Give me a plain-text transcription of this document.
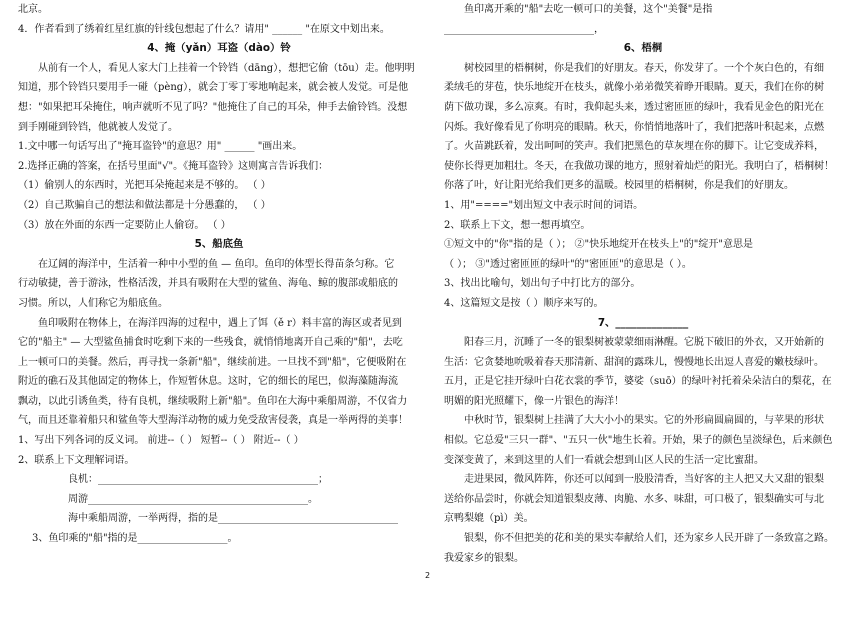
北京。

4．作者看到了绣着红星红旗的针线包想起了什么？请用" ______ "在原文中划出来。

4、掩（yǎn）耳盗（dào）铃

从前有一个人，看见人家大门上挂着一个铃铛（dāng），想把它偷（tōu）走。他明明

知道，那个铃铛只要用手一碰（pèng），就会丁零丁零地响起来，就会被人发觉。可是他

想："如果把耳朵掩住，响声就听不见了吗？"他掩住了自己的耳朵，伸手去偷铃铛。没想

到手刚碰到铃铛，他就被人发觉了。

1.文中哪一句话写出了"掩耳盗铃"的意思？用" ______ "画出来。

2.选择正确的答案，在括号里面"√"。《掩耳盗铃》这则寓言告诉我们：

（1）偷别人的东西时，光把耳朵掩起来是不够的。 （ ）

（2）自己欺骗自己的想法和做法都是十分愚蠢的， （ ）

（3）放在外面的东西一定要防止人偷窃。 （ ）

5、船底鱼

在辽阔的海洋中，生活着一种中小型的鱼 — 鱼印。鱼印的体型长得苗条匀称。它

行动敏捷，善于游泳，性格活泼，并具有吸附在大型的鲨鱼、海龟、鲸的腹部或船底的

习惯。所以，人们称它为船底鱼。

鱼印吸附在物体上，在海洋四海的过程中，遇上了饵（ě r）料丰富的海区或者见到

它的"船主" — 大型鲨鱼捕食时吃剩下来的一些残食，就悄悄地离开自己乘的"船"，去吃

上一顿可口的美餐。然后，再寻找一条新"船"，继续前进。一旦找不到"船"，它便吸附在

附近的礁石及其他固定的物体上，作短暂休息。这时，它的细长的尾巴，似海藻随海流

飘动，以此引诱鱼类，待有良机，继续吸附上新"船"。鱼印在大海中乘船周游，不仅省力

气，而且还靠着船只和鲨鱼等大型海洋动物的威力免受敌害侵袭，真是一举两得的美事！

1、写出下列各词的反义词。 前进--（ ） 短暂--（ ） 附近--（ ）

2、联系上下文理解词语。

良机：____________________________________________；

周游____________________________________________。

海中乘船周游，一举两得，指的是____________________________________

3、鱼印乘的"船"指的是__________________。

鱼印离开乘的"船"去吃一顿可口的美餐，这个"美餐"是指______________________________，

6、梧桐

树校园里的梧桐树，你是我们的好朋友。春天，你发芽了。一个个灰白色的，有细

柔绒毛的芽苞，快乐地绽开在枝头，就像小弟弟微笑着睁开眼睛。夏天，我们在你的树

荫下做功课，多么凉爽。有时，我仰起头来，透过密匝匝的绿叶，我看见金色的阳光在

闪烁。我好像看见了你明亮的眼睛。秋天，你悄悄地落叶了，我们把落叶积起来，点燃

了。火苗跳跃着，发出呵呵的笑声。我们把黑色的草灰埋在你的脚下。让它变成养料，

使你长得更加粗壮。冬天，在我做功课的地方，照射着灿烂的阳光。我明白了，梧桐树！

你落了叶，好让阳光给我们更多的温暖。校园里的梧桐树，你是我们的好朋友。

1、用"===="划出短文中表示时间的词语。

2、联系上下文，想一想再填空。

①短文中的"你"指的是（ ）； ②"快乐地绽开在枝头上"的"绽开"意思是

（ ）； ③"透过密匝匝的绿叶"的"密匝匝"的意思是（ ）。

3、找出比喻句，划出句子中打比方的部分。

4、这篇短文是按（ ）顺序来写的。

7、______________

阳春三月，沉睡了一冬的银梨树被蒙蒙细雨淋醒。它脱下破旧的外衣，又开始新的

生活：它贪婪地吮吸着春天那清新、甜润的露珠儿，慢慢地长出逗人喜爱的嫩枝绿叶。

五月，正是它挂开绿叶白花衣裳的季节，婆娑（suō）的绿叶衬托着朵朵洁白的梨花，在

明媚的阳光照耀下，像一片银色的海洋！

中秋时节，银梨树上挂满了大大小小的果实。它的外形扁圆扁圆的，与苹果的形状

相似。它总爱"三只一群"、"五只一伙"地生长着。开始，果子的颜色呈淡绿色，后来颜色

变深变黄了，来到这里的人们一看就会想到山区人民的生活一定比蜜甜。

走进果园，微风阵阵，你还可以闻到一股股清香，当好客的主人把又大又甜的银梨

送给你品尝时，你就会知道银梨皮薄、肉脆、水多、味甜，可口极了，银梨确实可与北

京鸭梨媲（pì）美。

银梨，你不但把美的花和美的果实奉献给人们，还为家乡人民开辟了一条致富之路。

我爱家乡的银梨。

2
